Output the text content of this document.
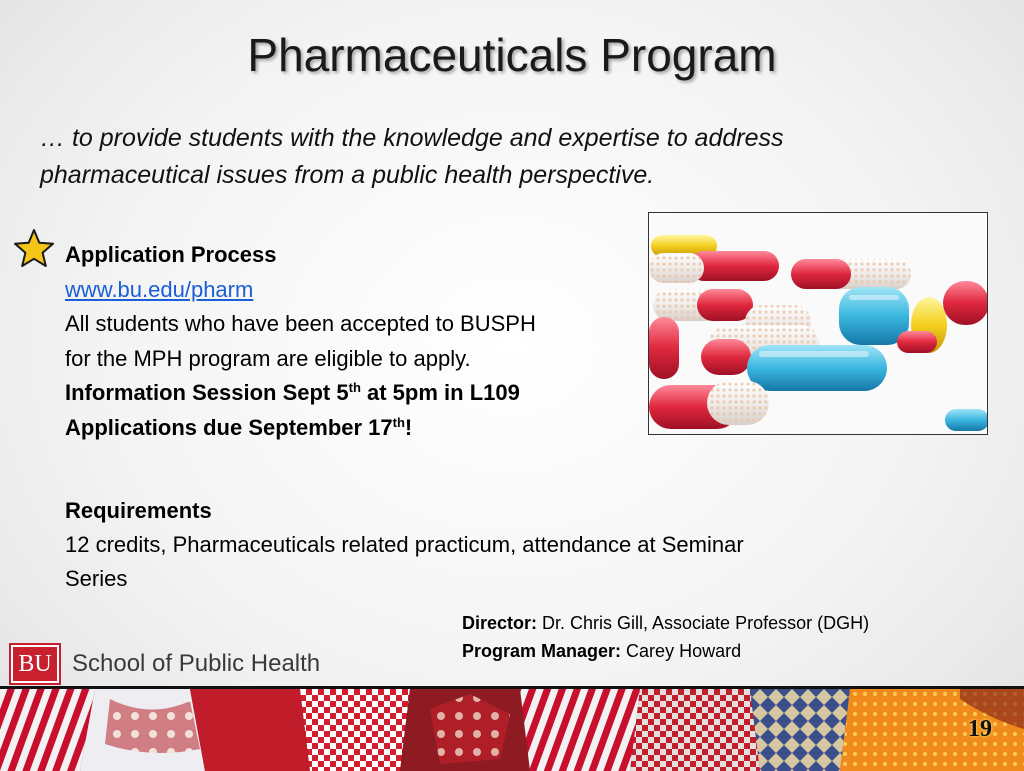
Pharmaceuticals Program
… to provide students with the knowledge and expertise to address
pharmaceutical issues from a public health perspective.
Application Process
www.bu.edu/pharm
All students who have been accepted to BUSPH
for the MPH program are eligible to apply.
Information Session Sept 5th at 5pm in L109
Applications due September 17th!
Requirements
12 credits, Pharmaceuticals related practicum, attendance at Seminar
Series
Director: Dr. Chris Gill, Associate Professor (DGH)
Program Manager: Carey Howard
BU School of Public Health
19
